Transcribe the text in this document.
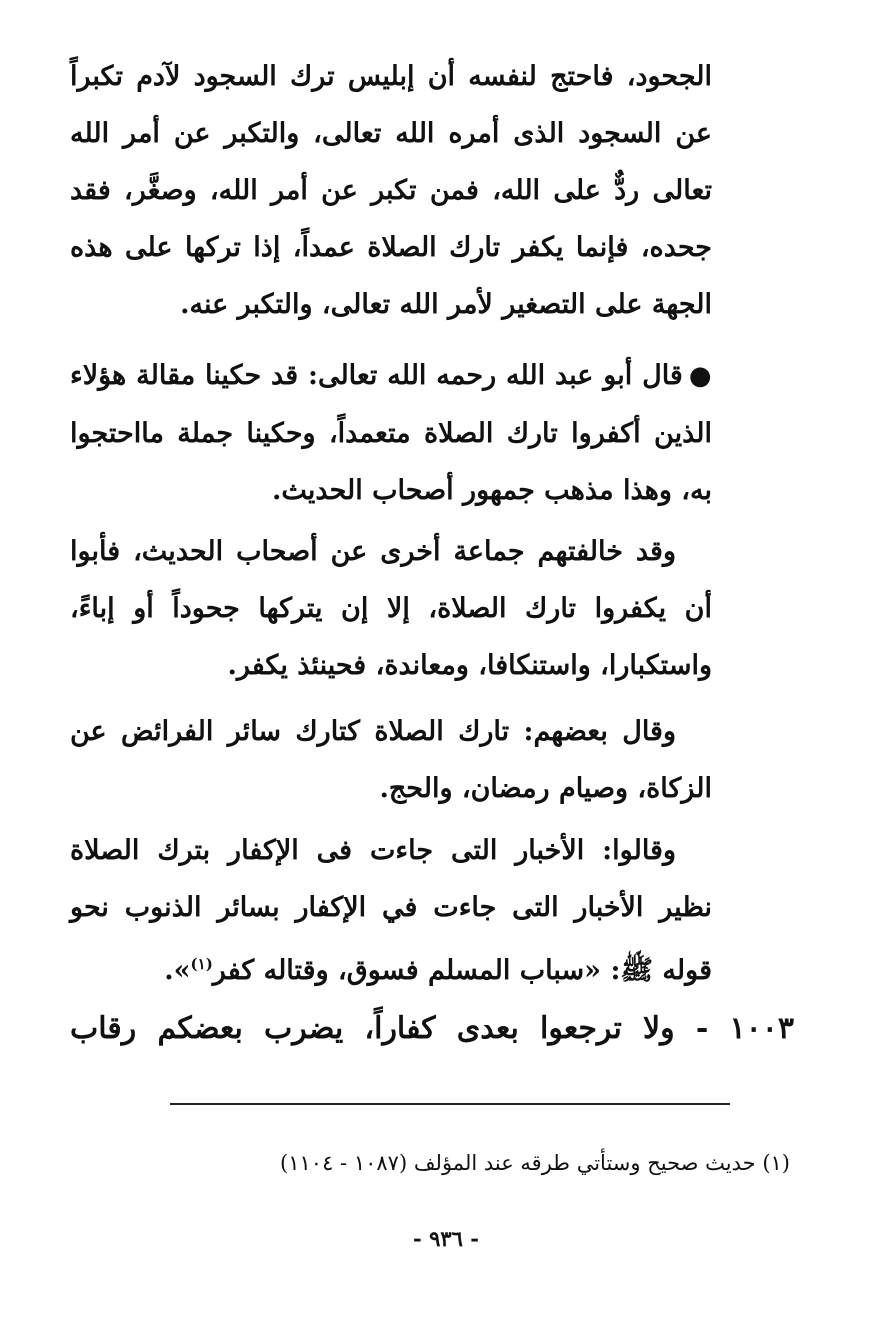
الجحود، فاحتج لنفسه أن إبليس ترك السجود لآدم تكبراً عن السجود الذى أمره الله تعالى، والتكبر عن أمر الله تعالى ردٌّ على الله، فمن تكبر عن أمر الله، وصغَّر، فقد جحده، فإنما يكفر تارك الصلاة عمداً، إذا تركها على هذه الجهة على التصغير لأمر الله تعالى، والتكبر عنه.

●قال أبو عبد الله رحمه الله تعالى: قد حكينا مقالة هؤلاء الذين أكفروا تارك الصلاة متعمداً، وحكينا جملة مااحتجوا به، وهذا مذهب جمهور أصحاب الحديث.

وقد خالفتهم جماعة أخرى عن أصحاب الحديث، فأبوا أن يكفروا تارك الصلاة، إلا إن يتركها جحوداً أو إباءً، واستكبارا، واستنكافا، ومعاندة، فحينئذ يكفر.

وقال بعضهم: تارك الصلاة كتارك سائر الفرائض عن الزكاة، وصيام رمضان، والحج.

وقالوا: الأخبار التى جاءت فى الإكفار بترك الصلاة نظير الأخبار التى جاءت في الإكفار بسائر الذنوب نحو قوله ﷺ: «سباب المسلم فسوق، وقتاله كفر$^{(١)}$».

١٠٠٣ - ولا ترجعوا بعدى كفاراً، يضرب بعضكم رقاب
(١) حديث صحيح وستأتي طرقه عند المؤلف (١٠٨٧ - ١١٠٤)
- ٩٣٦ -
